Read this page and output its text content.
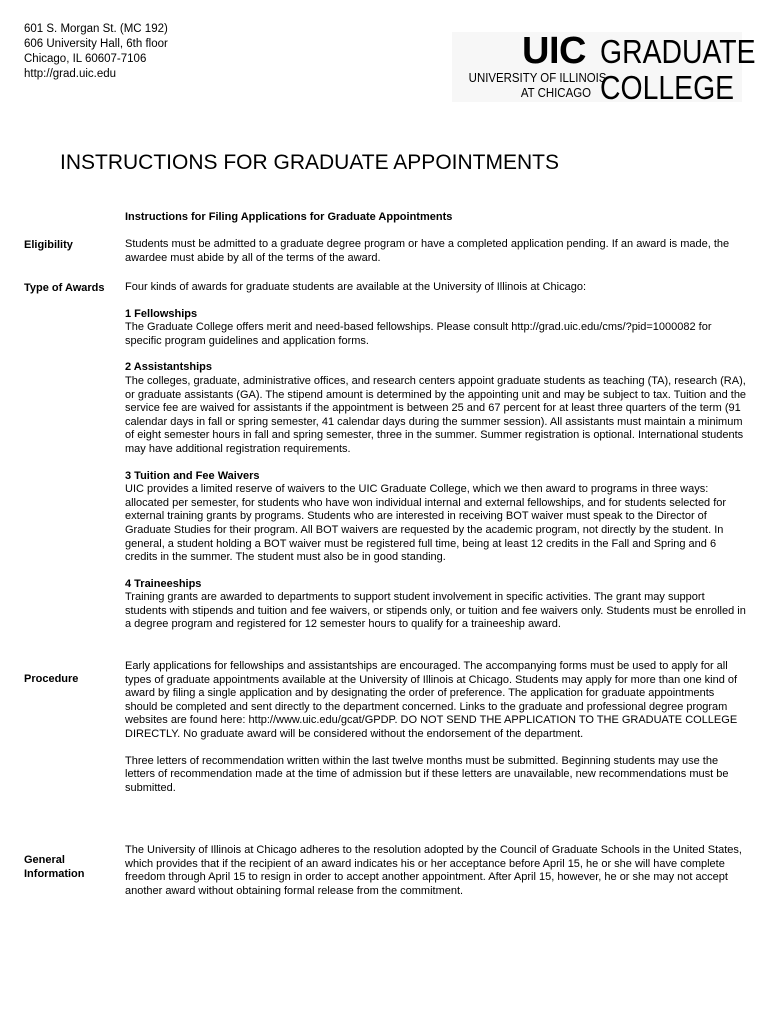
601 S. Morgan St. (MC 192)
606 University Hall, 6th floor
Chicago, IL 60607-7106
http://grad.uic.edu
UIC GRADUATE
UNIVERSITY OF ILLINOIS
AT CHICAGO COLLEGE
INSTRUCTIONS FOR GRADUATE APPOINTMENTS

Instructions for Filing Applications for Graduate Appointments

Eligibility	Students must be admitted to a graduate degree program or have a completed application pending. If an award is made, the awardee must abide by all of the terms of the award.

Type of Awards Four kinds of awards for graduate students are available at the University of Illinois at Chicago:

1 Fellowships

The Graduate College offers merit and need-based fellowships. Please consult http://grad.uic.edu/cms/?pid=1000082 for specific program guidelines and application forms.

2 Assistantships

The colleges, graduate, administrative offices, and research centers appoint graduate students as teaching (TA), research (RA), or graduate assistants (GA). The stipend amount is determined by the appointing unit and may be subject to tax. Tuition and the service fee are waived for assistants if the appointment is between 25 and 67 percent for at least three quarters of the term (91 calendar days in fall or spring semester, 41 calendar days during the summer session). All assistants must maintain a minimum of eight semester hours in fall and spring semester, three in the summer. Summer registration is optional. International students may have additional registration requirements.

3 Tuition and Fee Waivers

UIC provides a limited reserve of waivers to the UIC Graduate College, which we then award to programs in three ways: allocated per semester, for students who have won individual internal and external fellowships, and for students selected for external training grants by programs. Students who are interested in receiving BOT waiver must speak to the Director of Graduate Studies for their program. All BOT waivers are requested by the academic program, not directly by the student. In general, a student holding a BOT waiver must be registered full time, being at least 12 credits in the Fall and Spring and 6 credits in the summer. The student must also be in good standing.

4 Traineeships

Training grants are awarded to departments to support student involvement in specific activities. The grant may support students with stipends and tuition and fee waivers, or stipends only, or tuition and fee waivers only. Students must be enrolled in a degree program and registered for 12 semester hours to qualify for a traineeship award.

Procedure

Early applications for fellowships and assistantships are encouraged. The accompanying forms must be used to apply for all types of graduate appointments available at the University of Illinois at Chicago. Students may apply for more than one kind of award by filing a single application and by designating the order of preference. The application for graduate appointments should be completed and sent directly to the department concerned. Links to the graduate and professional degree program websites are found here: http://www.uic.edu/gcat/GPDP. DO NOT SEND THE APPLICATION TO THE GRADUATE COLLEGE DIRECTLY. No graduate award will be considered without the endorsement of the department.

Three letters of recommendation written within the last twelve months must be submitted. Beginning students may use the letters of recommendation made at the time of admission but if these letters are unavailable, new recommendations must be submitted.

General
Information

The University of Illinois at Chicago adheres to the resolution adopted by the Council of Graduate Schools in the United States, which provides that if the recipient of an award indicates his or her acceptance before April 15, he or she will have complete freedom through April 15 to resign in order to accept another appointment. After April 15, however, he or she may not accept another award without obtaining formal release from the commitment.
